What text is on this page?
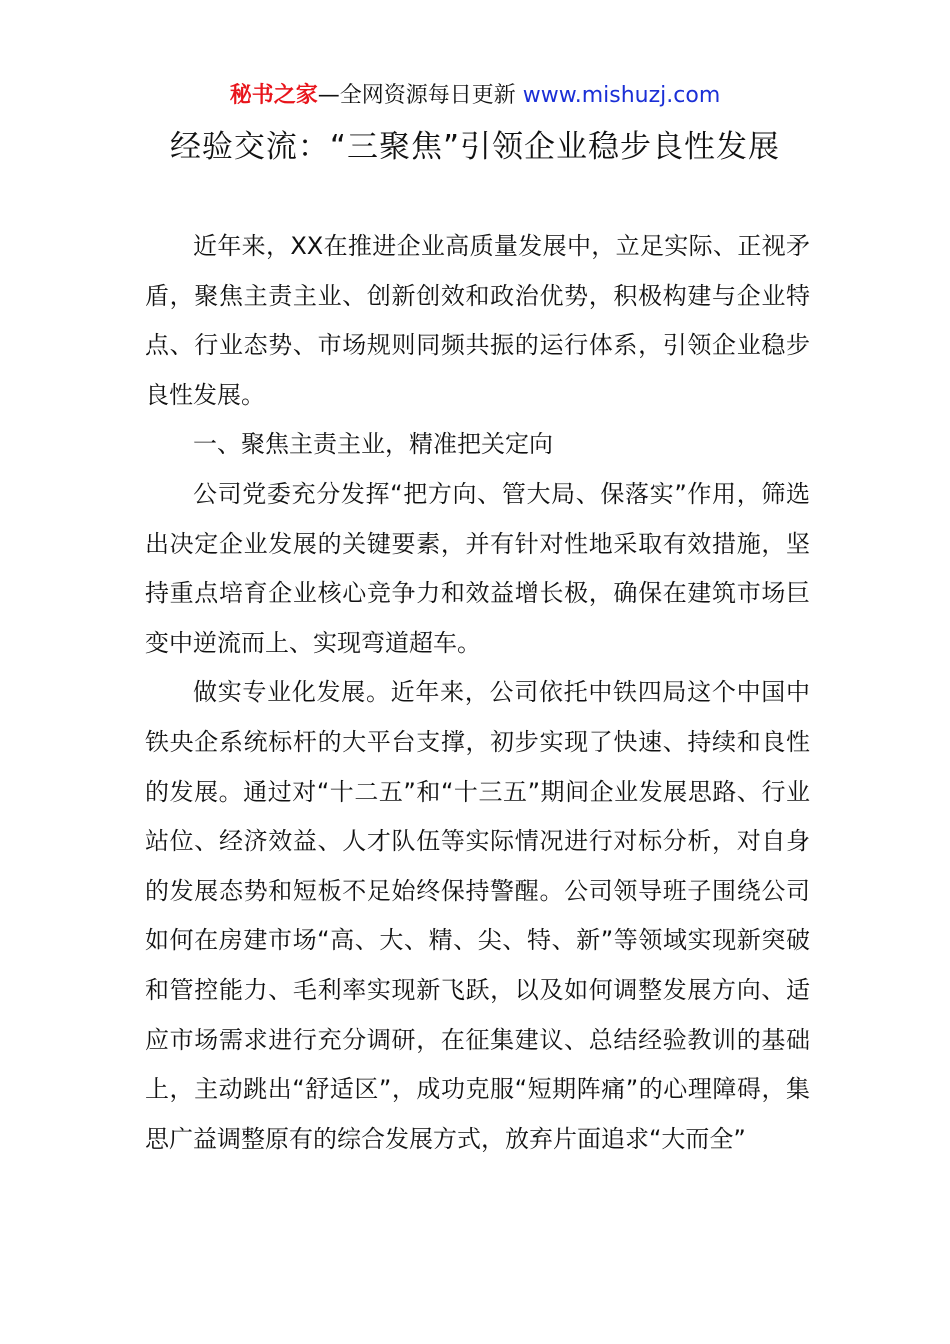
秘书之家—全网资源每日更新 www.mishuzj.com
经验交流：“三聚焦”引领企业稳步良性发展

近年来，XX在推进企业高质量发展中，立足实际、正视矛盾，聚焦主责主业、创新创效和政治优势，积极构建与企业特点、行业态势、市场规则同频共振的运行体系，引领企业稳步良性发展。

一、聚焦主责主业，精准把关定向

公司党委充分发挥“把方向、管大局、保落实”作用，筛选出决定企业发展的关键要素，并有针对性地采取有效措施，坚持重点培育企业核心竞争力和效益增长极，确保在建筑市场巨变中逆流而上、实现弯道超车。

做实专业化发展。近年来，公司依托中铁四局这个中国中铁央企系统标杆的大平台支撑，初步实现了快速、持续和良性的发展。通过对“十二五”和“十三五”期间企业发展思路、行业站位、经济效益、人才队伍等实际情况进行对标分析，对自身的发展态势和短板不足始终保持警醒。公司领导班子围绕公司如何在房建市场“高、大、精、尖、特、新”等领域实现新突破和管控能力、毛利率实现新飞跃，以及如何调整发展方向、适应市场需求进行充分调研，在征集建议、总结经验教训的基础上，主动跳出“舒适区”，成功克服“短期阵痛”的心理障碍，集思广益调整原有的综合发展方式，放弃片面追求“大而全”
